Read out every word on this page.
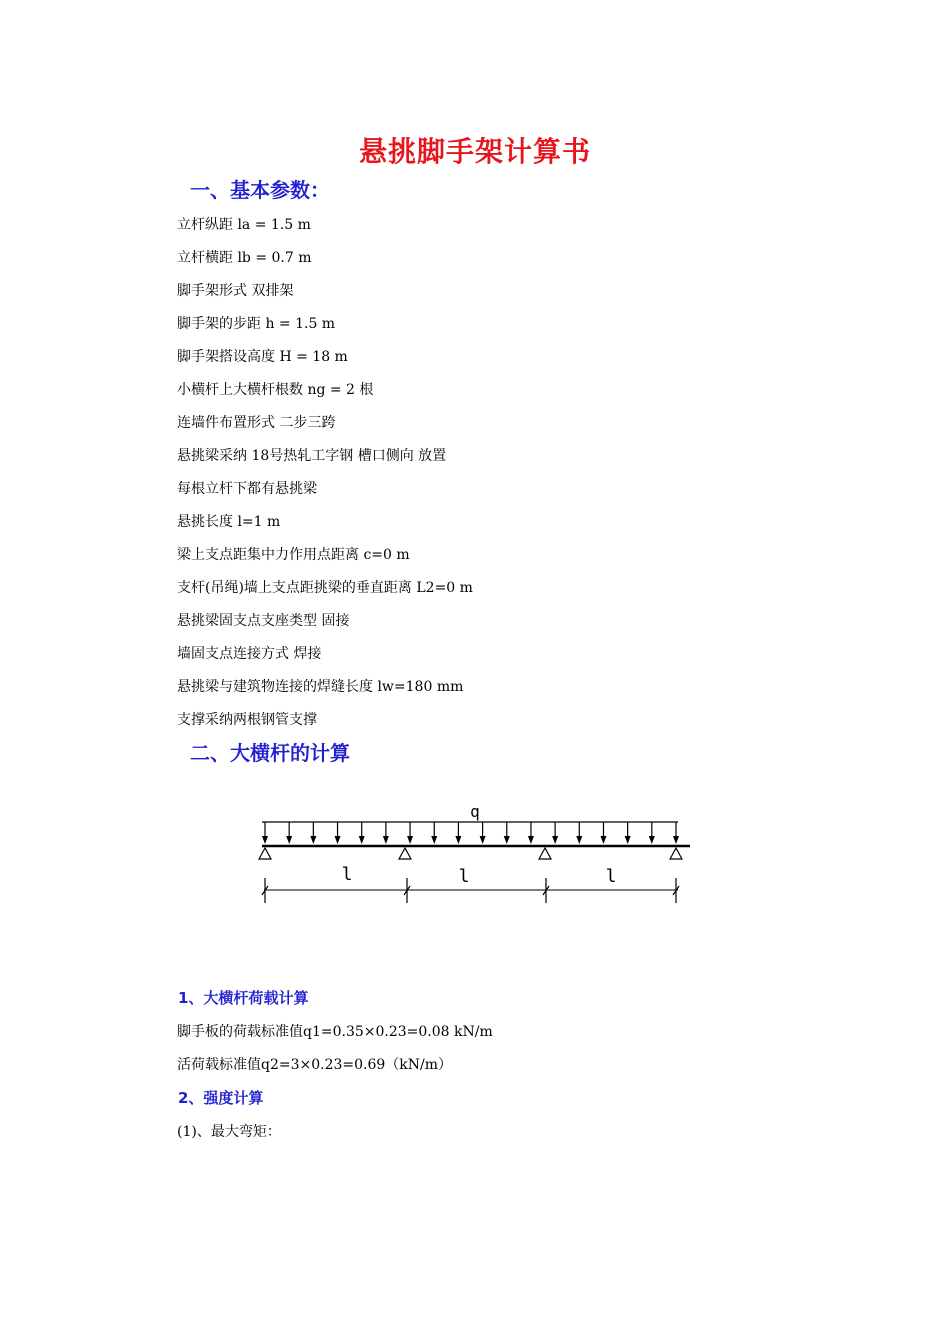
悬挑脚手架计算书
一、基本参数：
立杆纵距 la = 1.5 m
立杆横距 lb = 0.7 m
脚手架形式 双排架
脚手架的步距 h = 1.5 m
脚手架搭设高度 H = 18 m
小横杆上大横杆根数 ng = 2 根
连墙件布置形式 二步三跨
悬挑梁采纳 18号热轧工字钢 槽口侧向 放置
每根立杆下都有悬挑梁
悬挑长度 l=1 m
梁上支点距集中力作用点距离 c=0 m
支杆(吊绳)墙上支点距挑梁的垂直距离 L2=0 m
悬挑梁固支点支座类型 固接
墙固支点连接方式 焊接
悬挑梁与建筑物连接的焊缝长度 lw=180 mm
支撑采纳两根钢管支撑
二、大横杆的计算
q
l	l	l
1、大横杆荷载计算
脚手板的荷载标准值q1=0.35×0.23=0.08 kN/m
活荷载标准值q2=3×0.23=0.69（kN/m）
2、强度计算
(1)、最大弯矩：
